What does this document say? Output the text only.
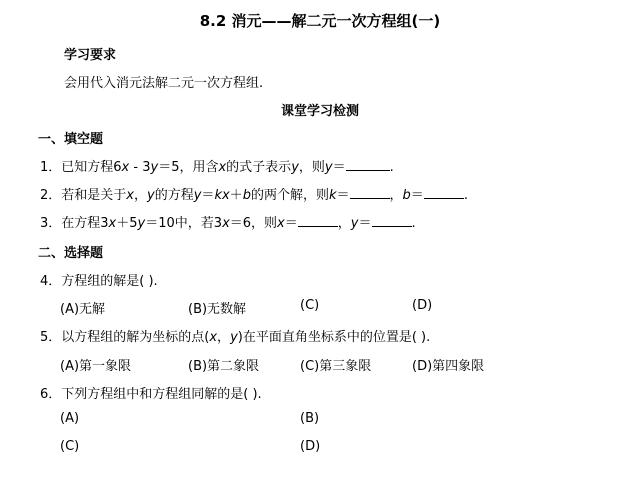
8.2 消元——解二元一次方程组(一)
学习要求
会用代入消元法解二元一次方程组.
课堂学习检测
一、填空题
1．已知方程6x - 3y＝5，用含x的式子表示y，则y＝	.
2．若和是关于x，y的方程y＝kx＋b的两个解，则k＝	，b＝	.
3．在方程3x＋5y＝10中，若3x＝6，则x＝	，y＝	.
二、选择题
4．方程组的解是( ).
(A)无解	(B)无数解	(C)	(D)
5．以方程组的解为坐标的点(x，y)在平面直角坐标系中的位置是( ).
(A)第一象限	(B)第二象限	(C)第三象限	(D)第四象限
6．下列方程组中和方程组同解的是( ).
(A)	(B)
(C)	(D)
